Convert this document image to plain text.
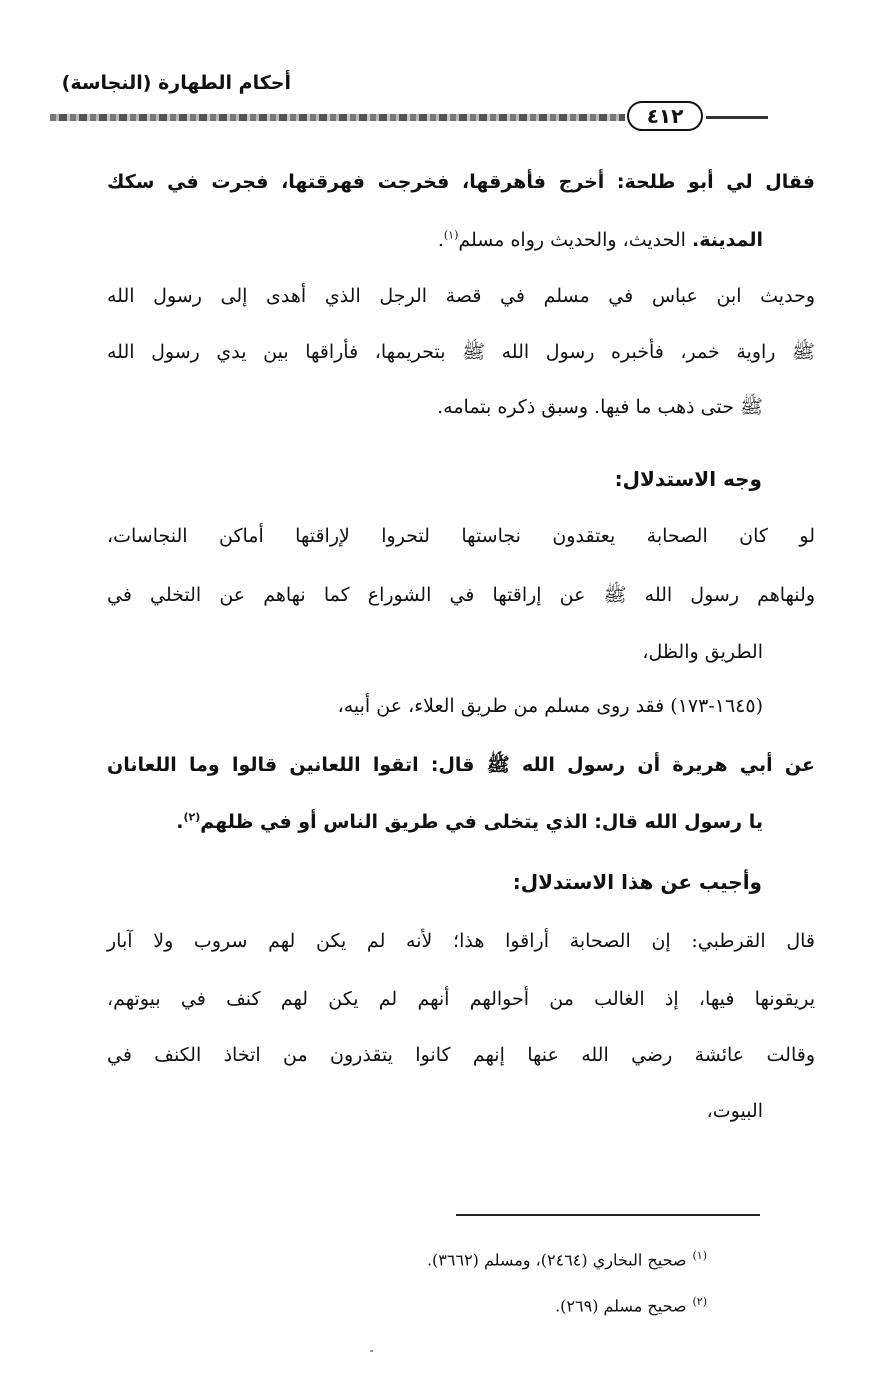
أحكام الطهارة (النجاسة)
٤١٢
فقال لي أبو طلحة: أخرج فأهرقها، فخرجت فهرقتها، فجرت في سكك
المدينة. الحديث، والحديث رواه مسلم$^{(١)}$.
وحديث ابن عباس في مسلم في قصة الرجل الذي أهدى إلى رسول الله
ﷺ راوية خمر، فأخبره رسول الله ﷺ بتحريمها، فأراقها بين يدي رسول الله
ﷺ حتى ذهب ما فيها. وسبق ذكره بتمامه.
وجه الاستدلال:
لو كان الصحابة يعتقدون نجاستها لتحروا لإراقتها أماكن النجاسات،
ولنهاهم رسول الله ﷺ عن إراقتها في الشوراع كما نهاهم عن التخلي في
الطريق والظل،
(١٦٤٥-١٧٣) فقد روى مسلم من طريق العلاء، عن أبيه،
عن أبي هريرة أن رسول الله ﷺ قال: اتقوا اللعانين قالوا وما اللعانان
يا رسول الله قال: الذي يتخلى في طريق الناس أو في ظلهم$^{(٢)}$.
وأجيب عن هذا الاستدلال:
قال القرطبي: إن الصحابة أراقوا هذا؛ لأنه لم يكن لهم سروب ولا آبار
يريقونها فيها، إذ الغالب من أحوالهم أنهم لم يكن لهم كنف في بيوتهم،
وقالت عائشة رضي الله عنها إنهم كانوا يتقذرون من اتخاذ الكنف في
البيوت،
$^{(١)}$صحيح البخاري (٢٤٦٤)، ومسلم (٣٦٦٢).
$^{(٢)}$صحيح مسلم (٢٦٩).
